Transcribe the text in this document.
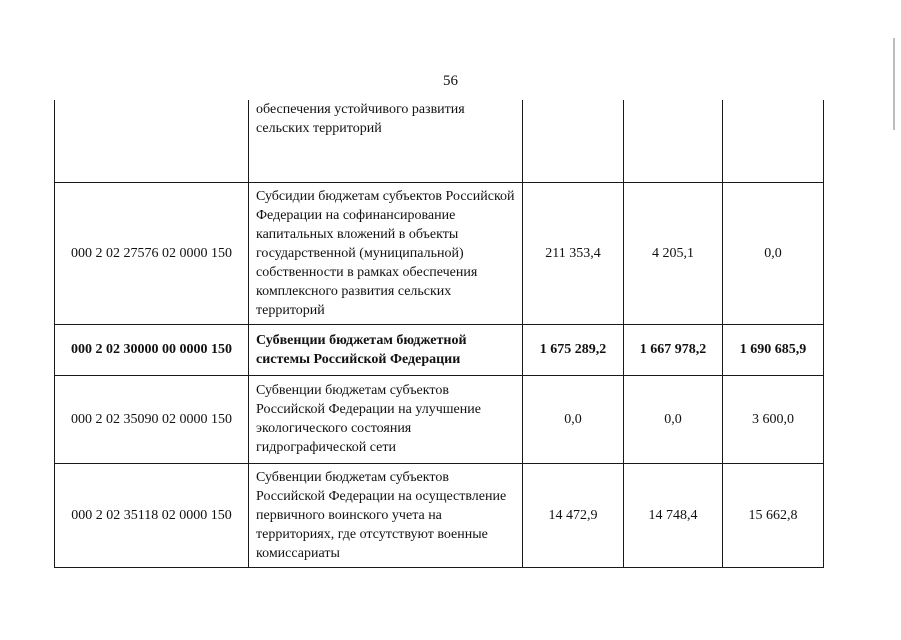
56
	обеспечения устойчивого развития сельских территорий			
000 2 02 27576 02 0000 150	Субсидии бюджетам субъектов Российской Федерации на софинансирование капитальных вложений в объекты государственной (муниципальной) собственности в рамках обеспечения комплексного развития сельских территорий	211 353,4	4 205,1	0,0
000 2 02 30000 00 0000 150	Субвенции бюджетам бюджетной системы Российской Федерации	1 675 289,2	1 667 978,2	1 690 685,9
000 2 02 35090 02 0000 150	Субвенции бюджетам субъектов Российской Федерации на улучшение экологического состояния гидрографической сети	0,0	0,0	3 600,0
000 2 02 35118 02 0000 150	Субвенции бюджетам субъектов Российской Федерации на осуществление первичного воинского учета на территориях, где отсутствуют военные комиссариаты	14 472,9	14 748,4	15 662,8
